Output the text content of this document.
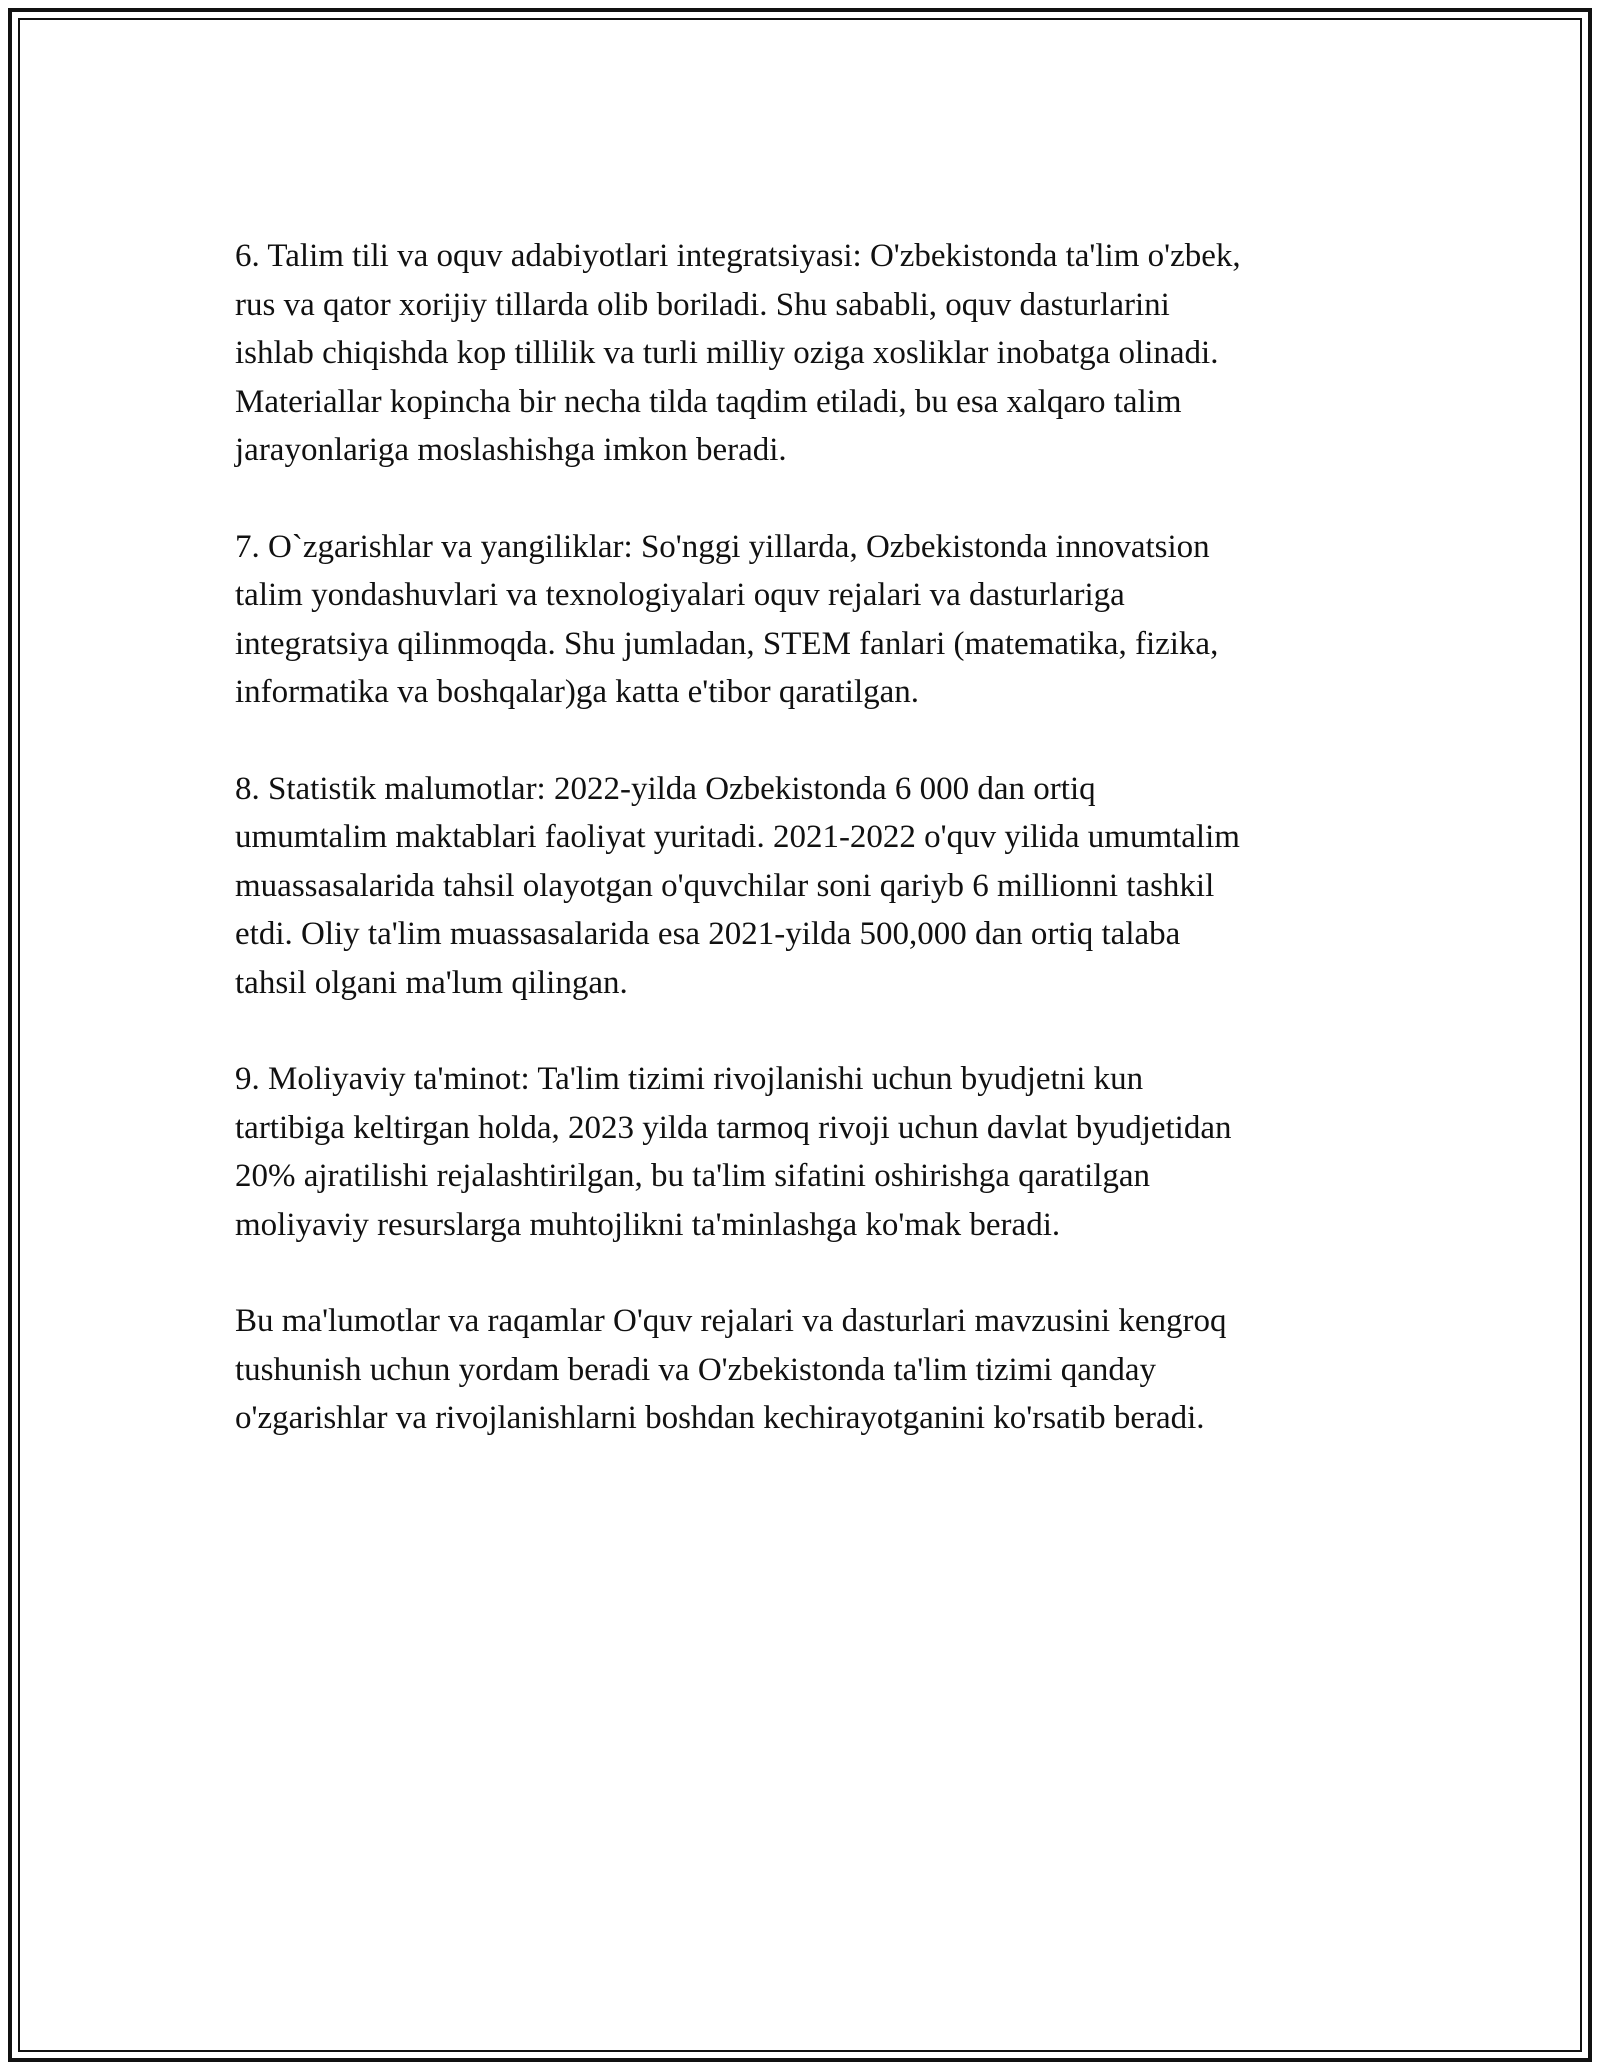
6. Talim tili va oquv adabiyotlari integratsiyasi: O'zbekistonda ta'lim o'zbek,
rus va qator xorijiy tillarda olib boriladi. Shu sababli, oquv dasturlarini
ishlab chiqishda kop tillilik va turli milliy oziga xosliklar inobatga olinadi.
Materiallar kopincha bir necha tilda taqdim etiladi, bu esa xalqaro talim
jarayonlariga moslashishga imkon beradi.

7. O`zgarishlar va yangiliklar: So'nggi yillarda, Ozbekistonda innovatsion
talim yondashuvlari va texnologiyalari oquv rejalari va dasturlariga
integratsiya qilinmoqda. Shu jumladan, STEM fanlari (matematika, fizika,
informatika va boshqalar)ga katta e'tibor qaratilgan.

8. Statistik malumotlar: 2022-yilda Ozbekistonda 6 000 dan ortiq
umumtalim maktablari faoliyat yuritadi. 2021-2022 o'quv yilida umumtalim
muassasalarida tahsil olayotgan o'quvchilar soni qariyb 6 millionni tashkil
etdi. Oliy ta'lim muassasalarida esa 2021-yilda 500,000 dan ortiq talaba
tahsil olgani ma'lum qilingan.

9. Moliyaviy ta'minot: Ta'lim tizimi rivojlanishi uchun byudjetni kun
tartibiga keltirgan holda, 2023 yilda tarmoq rivoji uchun davlat byudjetidan
20% ajratilishi rejalashtirilgan, bu ta'lim sifatini oshirishga qaratilgan
moliyaviy resurslarga muhtojlikni ta'minlashga ko'mak beradi.

Bu ma'lumotlar va raqamlar O'quv rejalari va dasturlari mavzusini kengroq
tushunish uchun yordam beradi va O'zbekistonda ta'lim tizimi qanday
o'zgarishlar va rivojlanishlarni boshdan kechirayotganini ko'rsatib beradi.
